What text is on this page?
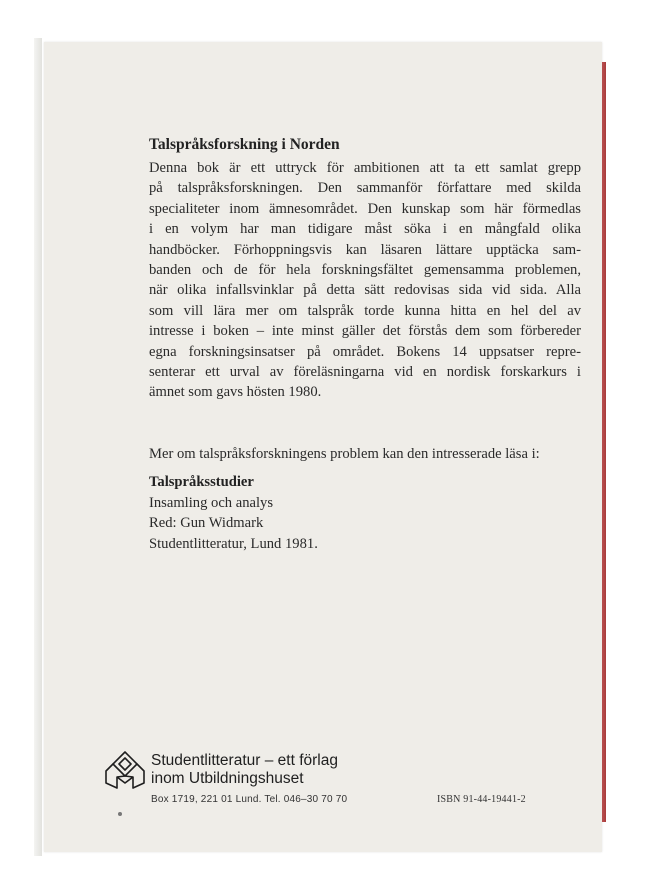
Talspråksforskning i Norden
Denna bok är ett uttryck för ambitionen att ta ett samlat grepp
på talspråksforskningen. Den sammanför författare med skilda
specialiteter inom ämnesområdet. Den kunskap som här förmedlas
i en volym har man tidigare måst söka i en mångfald olika
handböcker. Förhoppningsvis kan läsaren lättare upptäcka sam-
banden och de för hela forskningsfältet gemensamma problemen,
när olika infallsvinklar på detta sätt redovisas sida vid sida. Alla
som vill lära mer om talspråk torde kunna hitta en hel del av
intresse i boken – inte minst gäller det förstås dem som förbereder
egna forskningsinsatser på området. Bokens 14 uppsatser repre-
senterar ett urval av föreläsningarna vid en nordisk forskarkurs i
ämnet som gavs hösten 1980.
Mer om talspråksforskningens problem kan den intresserade läsa i:
Talspråksstudier
Insamling och analys
Red: Gun Widmark
Studentlitteratur, Lund 1981.
Studentlitteratur – ett förlag
inom Utbildningshuset
Box 1719, 221 01 Lund. Tel. 046–30 70 70	ISBN 91-44-19441-2
